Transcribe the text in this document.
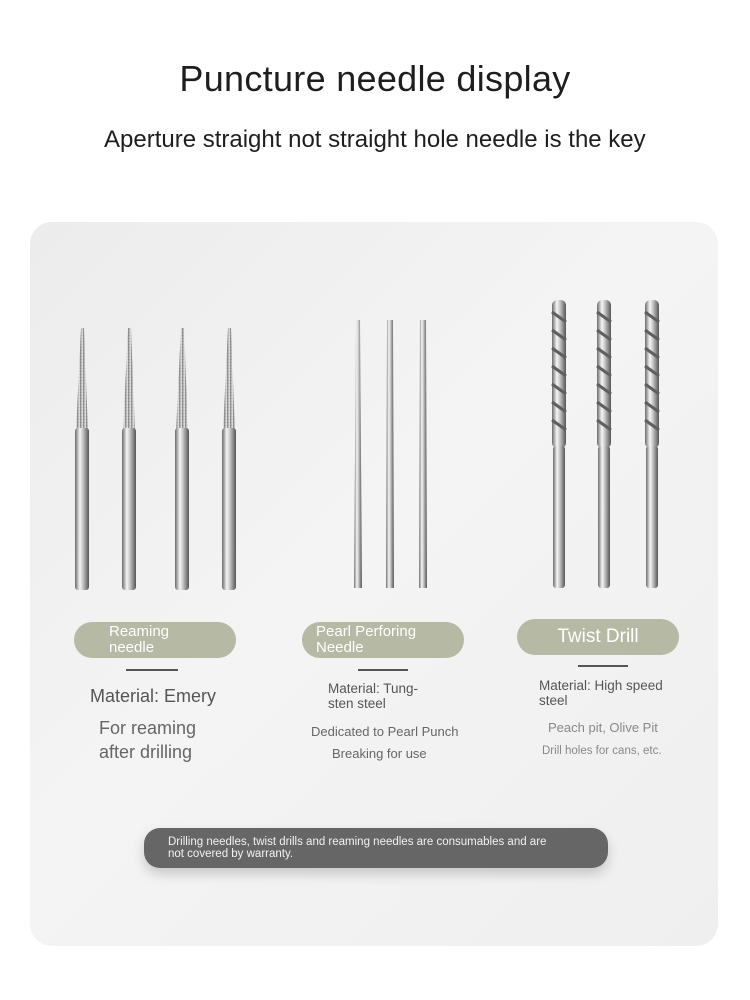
Puncture needle display
Aperture straight not straight hole needle is the key
Reaming
needle
Material: Emery
For reaming
after drilling
Pearl Perforing
Needle
Material: Tung-
sten steel
Dedicated to Pearl Punch
Breaking for use
Twist Drill
Material: High speed
steel
Peach pit, Olive Pit
Drill holes for cans, etc.
Drilling needles, twist drills and reaming needles are consumables and are
not covered by warranty.
